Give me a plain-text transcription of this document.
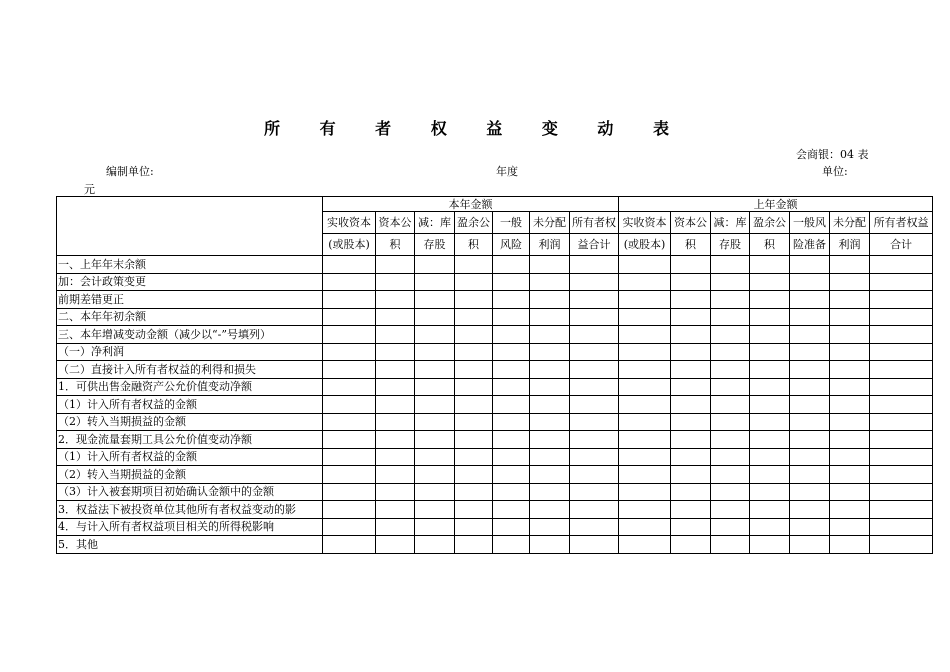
所 有 者 权 益 变 动 表
会商银：04 表
编制单位:	年度	单位:
元
	本年金额							上年金额						
	实收资本	资本公	减：库	盈余公	一般	未分配	所有者权	实收资本	资本公	减：库	盈余公	一般风	未分配	所有者权益
	(或股本)	积	存股	积	风险	利润	益合计	(或股本)	积	存股	积	险准备	利润	合计
一、上年年末余额														
加：会计政策变更														
前期差错更正														
二、本年年初余额														
三、本年增减变动金额（减少以“-”号填列）														
（一）净利润														
（二）直接计入所有者权益的利得和损失														
1．可供出售金融资产公允价值变动净额														
（1）计入所有者权益的金额														
（2）转入当期损益的金额														
2．现金流量套期工具公允价值变动净额														
（1）计入所有者权益的金额														
（2）转入当期损益的金额														
（3）计入被套期项目初始确认金额中的金额														
3．权益法下被投资单位其他所有者权益变动的影														
4．与计入所有者权益项目相关的所得税影响														
5．其他														
